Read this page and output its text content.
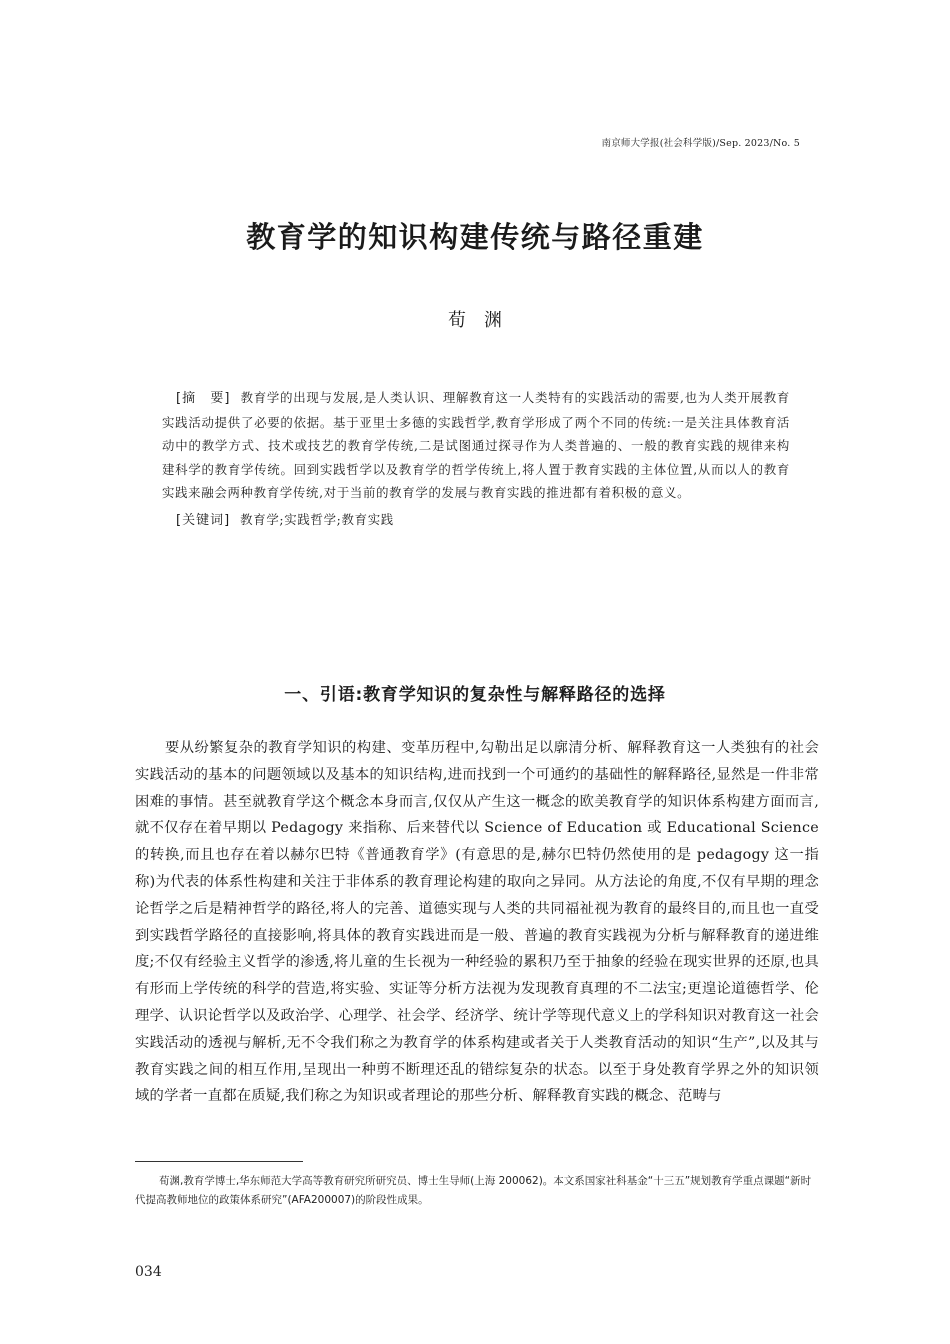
南京师大学报(社会科学版)/Sep. 2023/No. 5
教育学的知识构建传统与路径重建
荀渊

[摘　要] 教育学的出现与发展,是人类认识、理解教育这一人类特有的实践活动的需要,也为人类开展教育实践活动提供了必要的依据。基于亚里士多德的实践哲学,教育学形成了两个不同的传统:一是关注具体教育活动中的教学方式、技术或技艺的教育学传统,二是试图通过探寻作为人类普遍的、一般的教育实践的规律来构建科学的教育学传统。回到实践哲学以及教育学的哲学传统上,将人置于教育实践的主体位置,从而以人的教育实践来融会两种教育学传统,对于当前的教育学的发展与教育实践的推进都有着积极的意义。

[关键词] 教育学;实践哲学;教育实践

一、引语:教育学知识的复杂性与解释路径的选择

要从纷繁复杂的教育学知识的构建、变革历程中,勾勒出足以廓清分析、解释教育这一人类独有的社会实践活动的基本的问题领域以及基本的知识结构,进而找到一个可通约的基础性的解释路径,显然是一件非常困难的事情。甚至就教育学这个概念本身而言,仅仅从产生这一概念的欧美教育学的知识体系构建方面而言,就不仅存在着早期以 Pedagogy 来指称、后来替代以 Science of Education 或 Educational Science 的转换,而且也存在着以赫尔巴特《普通教育学》(有意思的是,赫尔巴特仍然使用的是 pedagogy 这一指称)为代表的体系性构建和关注于非体系的教育理论构建的取向之异同。从方法论的角度,不仅有早期的理念论哲学之后是精神哲学的路径,将人的完善、道德实现与人类的共同福祉视为教育的最终目的,而且也一直受到实践哲学路径的直接影响,将具体的教育实践进而是一般、普遍的教育实践视为分析与解释教育的递进维度;不仅有经验主义哲学的渗透,将儿童的生长视为一种经验的累积乃至于抽象的经验在现实世界的还原,也具有形而上学传统的科学的营造,将实验、实证等分析方法视为发现教育真理的不二法宝;更遑论道德哲学、伦理学、认识论哲学以及政治学、心理学、社会学、经济学、统计学等现代意义上的学科知识对教育这一社会实践活动的透视与解析,无不令我们称之为教育学的体系构建或者关于人类教育活动的知识“生产”,以及其与教育实践之间的相互作用,呈现出一种剪不断理还乱的错综复杂的状态。以至于身处教育学界之外的知识领域的学者一直都在质疑,我们称之为知识或者理论的那些分析、解释教育实践的概念、范畴与

荀渊,教育学博士,华东师范大学高等教育研究所研究员、博士生导师(上海 200062)。本文系国家社科基金“十三五”规划教育学重点课题“新时代提高教师地位的政策体系研究”(AFA200007)的阶段性成果。

034
